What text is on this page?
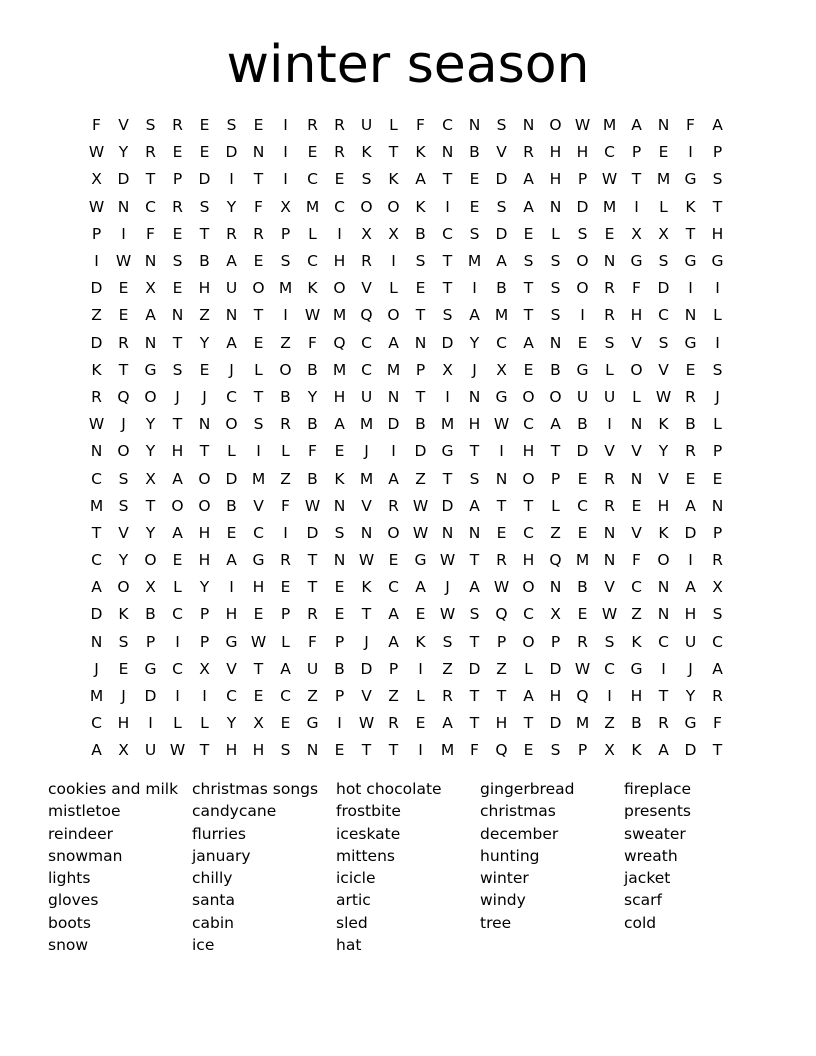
winter season
F	V	S	R	E	S	E	I	R	R	U	L	F	C	N	S	N O W M A	N	F	A
W Y	R	E	E	D N	I	E	R	K	T	K	N	B	V	R	H H	C	P	E	I	P
X	D	T	P	D	I	T	I	C	E	S	K	A	T	E	D	A	H	P W T	M G	S
W N	C	R	S	Y	F	X M C O O	K	I	E	S	A	N D M	I	L	K	T
P	I	F	E	T	R	R	P	L	I	X	X	B	C	S	D	E	L	S	E	X	X	T	H
I	W N	S	B	A	E	S	C	H	R	I	S	T	M A	S	S	O N G	S	G G
D	E	X	E	H U O M K	O	V	L	E	T	I	B	T	S	O	R	F	D	I	I
Z	E	A	N	Z	N	T	I	W M Q O	T	S	A M	T	S	I	R	H	C	N	L
D	R	N	T	Y	A	E	Z	F	Q C	A	N D	Y	C	A	N	E	S	V	S	G	I
K	T	G	S	E	J	L	O	B M C M	P	X	J	X	E	B	G	L	O	V	E	S
R	Q O	J	J	C	T	B	Y	H U	N	T	I	N G O O U	U	L W R	J
W	J	Y	T	N O	S	R	B	A M D	B M H W C	A	B	I	N	K	B	L
N O	Y	H	T	L	I	L	F	E	J	I	D G	T	I	H	T	D	V	V	Y	R	P
C	S	X	A	O D M Z	B	K M A	Z	T	S	N O	P	E	R	N	V	E	E
M S	T	O O	B	V	F W N	V	R W D	A	T	T	L	C	R	E	H	A	N
T	V	Y	A	H	E	C	I	D	S	N O W N N	E	C	Z	E	N	V	K	D	P
C	Y	O	E	H	A	G	R	T	N W E	G W T	R	H Q M N	F	O	I	R
A	O	X	L	Y	I	H	E	T	E	K	C	A	J	A W O N	B	V	C	N	A	X
D	K	B	C	P	H	E	P	R	E	T	A	E W S	Q C	X	E W Z	N H	S
N	S	P	I	P	G W L	F	P	J	A	K	S	T	P	O	P	R	S	K	C	U	C
J	E	G	C	X	V	T	A	U	B	D	P	I	Z	D	Z	L	D W C	G	I	J	A
M	J	D	I	I	C	E	C	Z	P	V	Z	L	R	T	T	A	H Q	I	H	T	Y	R
C	H	I	L	L	Y	X	E	G	I	W R	E	A	T	H	T	D M Z	B	R	G	F
A	X	U W T	H H	S	N	E	T	T	I	M	F	Q	E	S	P	X	K	A	D	T
cookies and milk
mistletoe
reindeer
snowman
lights
gloves
boots
snow
christmas songs
candycane
flurries
january
chilly
santa
cabin
ice
hot chocolate
frostbite
iceskate
mittens
icicle
artic
sled
hat
gingerbread
christmas
december
hunting
winter
windy
tree
fireplace
presents
sweater
wreath
jacket
scarf
cold
